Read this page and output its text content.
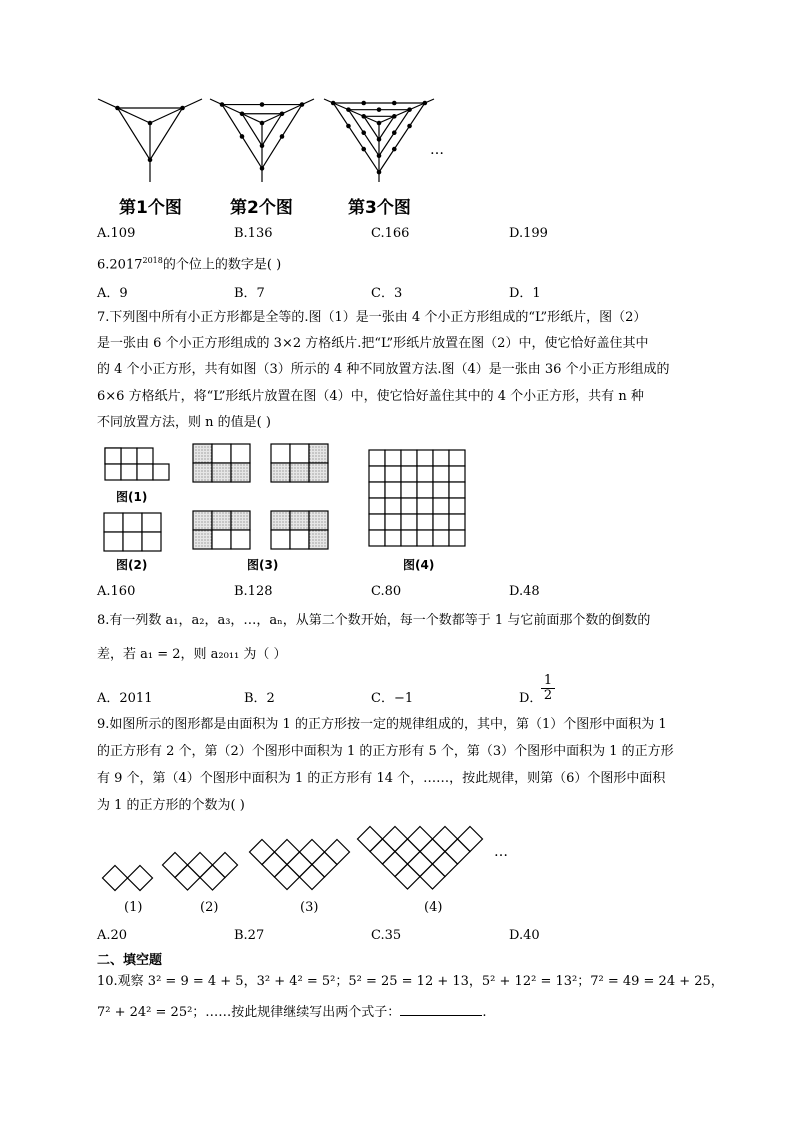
第1个图	第2个图	第3个图
…
A.109	B.136	C.166	D.199
$6.2017^{2018}$的个位上的数字是( )
A．9	B．7	C．3	D．1
7.下列图中所有小正方形都是全等的.图（1）是一张由 4 个小正方形组成的“L”形纸片，图（2）
是一张由 6 个小正方形组成的 3×2 方格纸片.把“L”形纸片放置在图（2）中，使它恰好盖住其中
的 4 个小正方形，共有如图（3）所示的 4 种不同放置方法.图（4）是一张由 36 个小正方形组成的
6×6 方格纸片，将“L”形纸片放置在图（4）中，使它恰好盖住其中的 4 个小正方形，共有 n 种
不同放置方法，则 n 的值是( )
图(1)
图(2)	图(3)	图(4)
A.160	B.128	C.80	D.48
8.有一列数 a₁，a₂，a₃，…，aₙ，从第二个数开始，每一个数都等于 1 与它前面那个数的倒数的
差，若 a₁ = 2，则 a₂₀₁₁ 为（ ）
A．2011	B．2	C．−1	D．
$\frac{1}{2}$
9.如图所示的图形都是由面积为 1 的正方形按一定的规律组成的，其中，第（1）个图形中面积为 1
的正方形有 2 个，第（2）个图形中面积为 1 的正方形有 5 个，第（3）个图形中面积为 1 的正方形
有 9 个，第（4）个图形中面积为 1 的正方形有 14 个，……，按此规律，则第（6）个图形中面积
为 1 的正方形的个数为( )
(1)	(2)	(3)	(4)
…
A.20	B.27	C.35	D.40
二、填空题
10.观察 3² = 9 = 4 + 5，3² + 4² = 5²；5² = 25 = 12 + 13，5² + 12² = 13²；7² = 49 = 24 + 25，
7² + 24² = 25²；……按此规律继续写出两个式子：	.
